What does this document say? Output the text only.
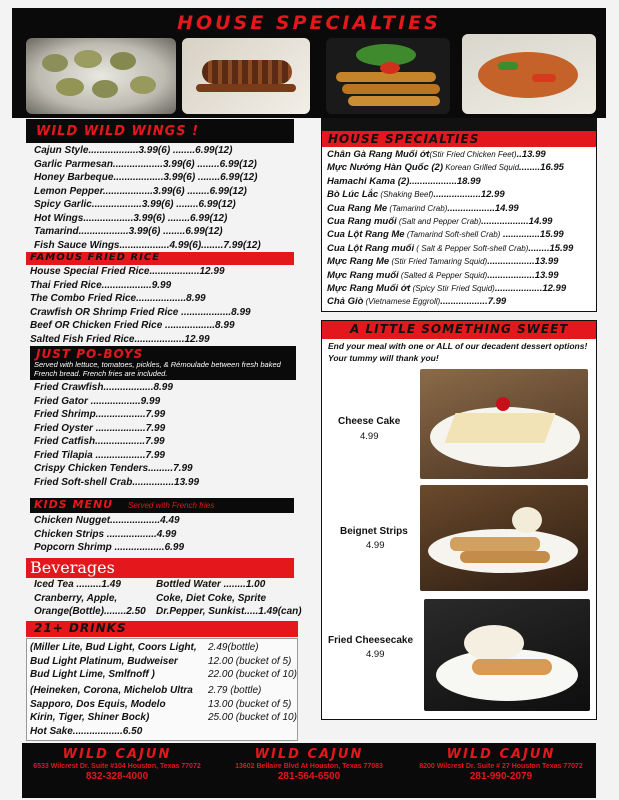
HOUSE SPECIALTIES
WILD WILD WINGS !
Cajun Style..................3.99(6) ........6.99(12)
Garlic Parmesan..................3.99(6) ........6.99(12)
Honey Barbeque..................3.99(6) ........6.99(12)
Lemon Pepper..................3.99(6) ........6.99(12)
Spicy Garlic..................3.99(6) ........6.99(12)
Hot Wings..................3.99(6) ........6.99(12)
Tamarind..................3.99(6) ........6.99(12)
Fish Sauce Wings..................4.99(6)........7.99(12)
FAMOUS FRIED RICE
House Special Fried Rice..................12.99
Thai Fried Rice..................9.99
The Combo Fried Rice..................8.99
Crawfish OR Shrimp Fried Rice ..................8.99
Beef OR Chicken Fried Rice ..................8.99
Salted Fish Fried Rice..................12.99
JUST PO-BOYS
Served with lettuce, tomatoes, pickles, & Rémoulade between fresh baked French bread. French fries are included.
Fried Crawfish..................8.99
Fried Gator ..................9.99
Fried Shrimp..................7.99
Fried Oyster ..................7.99
Fried Catfish..................7.99
Fried Tilapia ..................7.99
Crispy Chicken Tenders.........7.99
Fried Soft-shell Crab...............13.99
KIDS MENU Served with French fries
Chicken Nugget..................4.49
Chicken Strips ..................4.99
Popcorn Shrimp ..................6.99
Beverages
Iced Tea .........1.49
Cranberry, Apple,
Orange(Bottle)........2.50
Bottled Water ........1.00
Coke, Diet Coke, Sprite
Dr.Pepper, Sunkist.....1.49(can)
21+ DRINKS
(Miller Lite, Bud Light, Coors Light, 2.49(bottle)
Bud Light Platinum, Budweiser	12.00 (bucket of 5)
Bud Light Lime, Smlfnoff )	22.00 (bucket of 10)
(Heineken, Corona, Michelob Ultra 2.79 (bottle)
Sapporo, Dos Equis, Modelo	13.00 (bucket of 5)
Kirin, Tiger, Shiner Bock)	25.00 (bucket of 10)
Hot Sake..................6.50
HOUSE SPECIALTIES
Chân Gà Rang Muối ớt(Stir Fried Chicken Feet)..13.99
Mực Nướng Hàn Quốc (2) Korean Grilled Squid........16.95
Hamachi Kama (2)..................18.99
Bò Lúc Lắc (Shaking Beef)..................12.99
Cua Rang Me (Tamarind Crab)..................14.99
Cua Rang muối (Salt and Pepper Crab)..................14.99
Cua Lột Rang Me (Tamarind Soft-shell Crab) ..............15.99
Cua Lột Rang muối ( Salt & Pepper Soft-shell Crab)........15.99
Mực Rang Me (Stir Fried Tamaring Squid)..................13.99
Mực Rang muối (Salted & Pepper Squid)..................13.99
Mực Rang Muối ớt (Spicy Stir Fried Squid)..................12.99
Chả Giò (Vietnamese Eggroll)..................7.99
A LITTLE SOMETHING SWEET
End your meal with one or ALL of our decadent dessert options! Your tummy will thank you!
Cheese Cake
4.99
Beignet Strips
4.99
Fried Cheesecake
4.99
WILD CAJUN
6533 Wilcrest Dr. Suite #104 Houston, Texas 77072
832-328-4000
WILD CAJUN
13602 Bellaire Blvd At Houston, Texas 77083
281-564-6500
WILD CAJUN
8200 Wilcrest Dr. Suite # 27 Houston Texas 77072
281-990-2079
